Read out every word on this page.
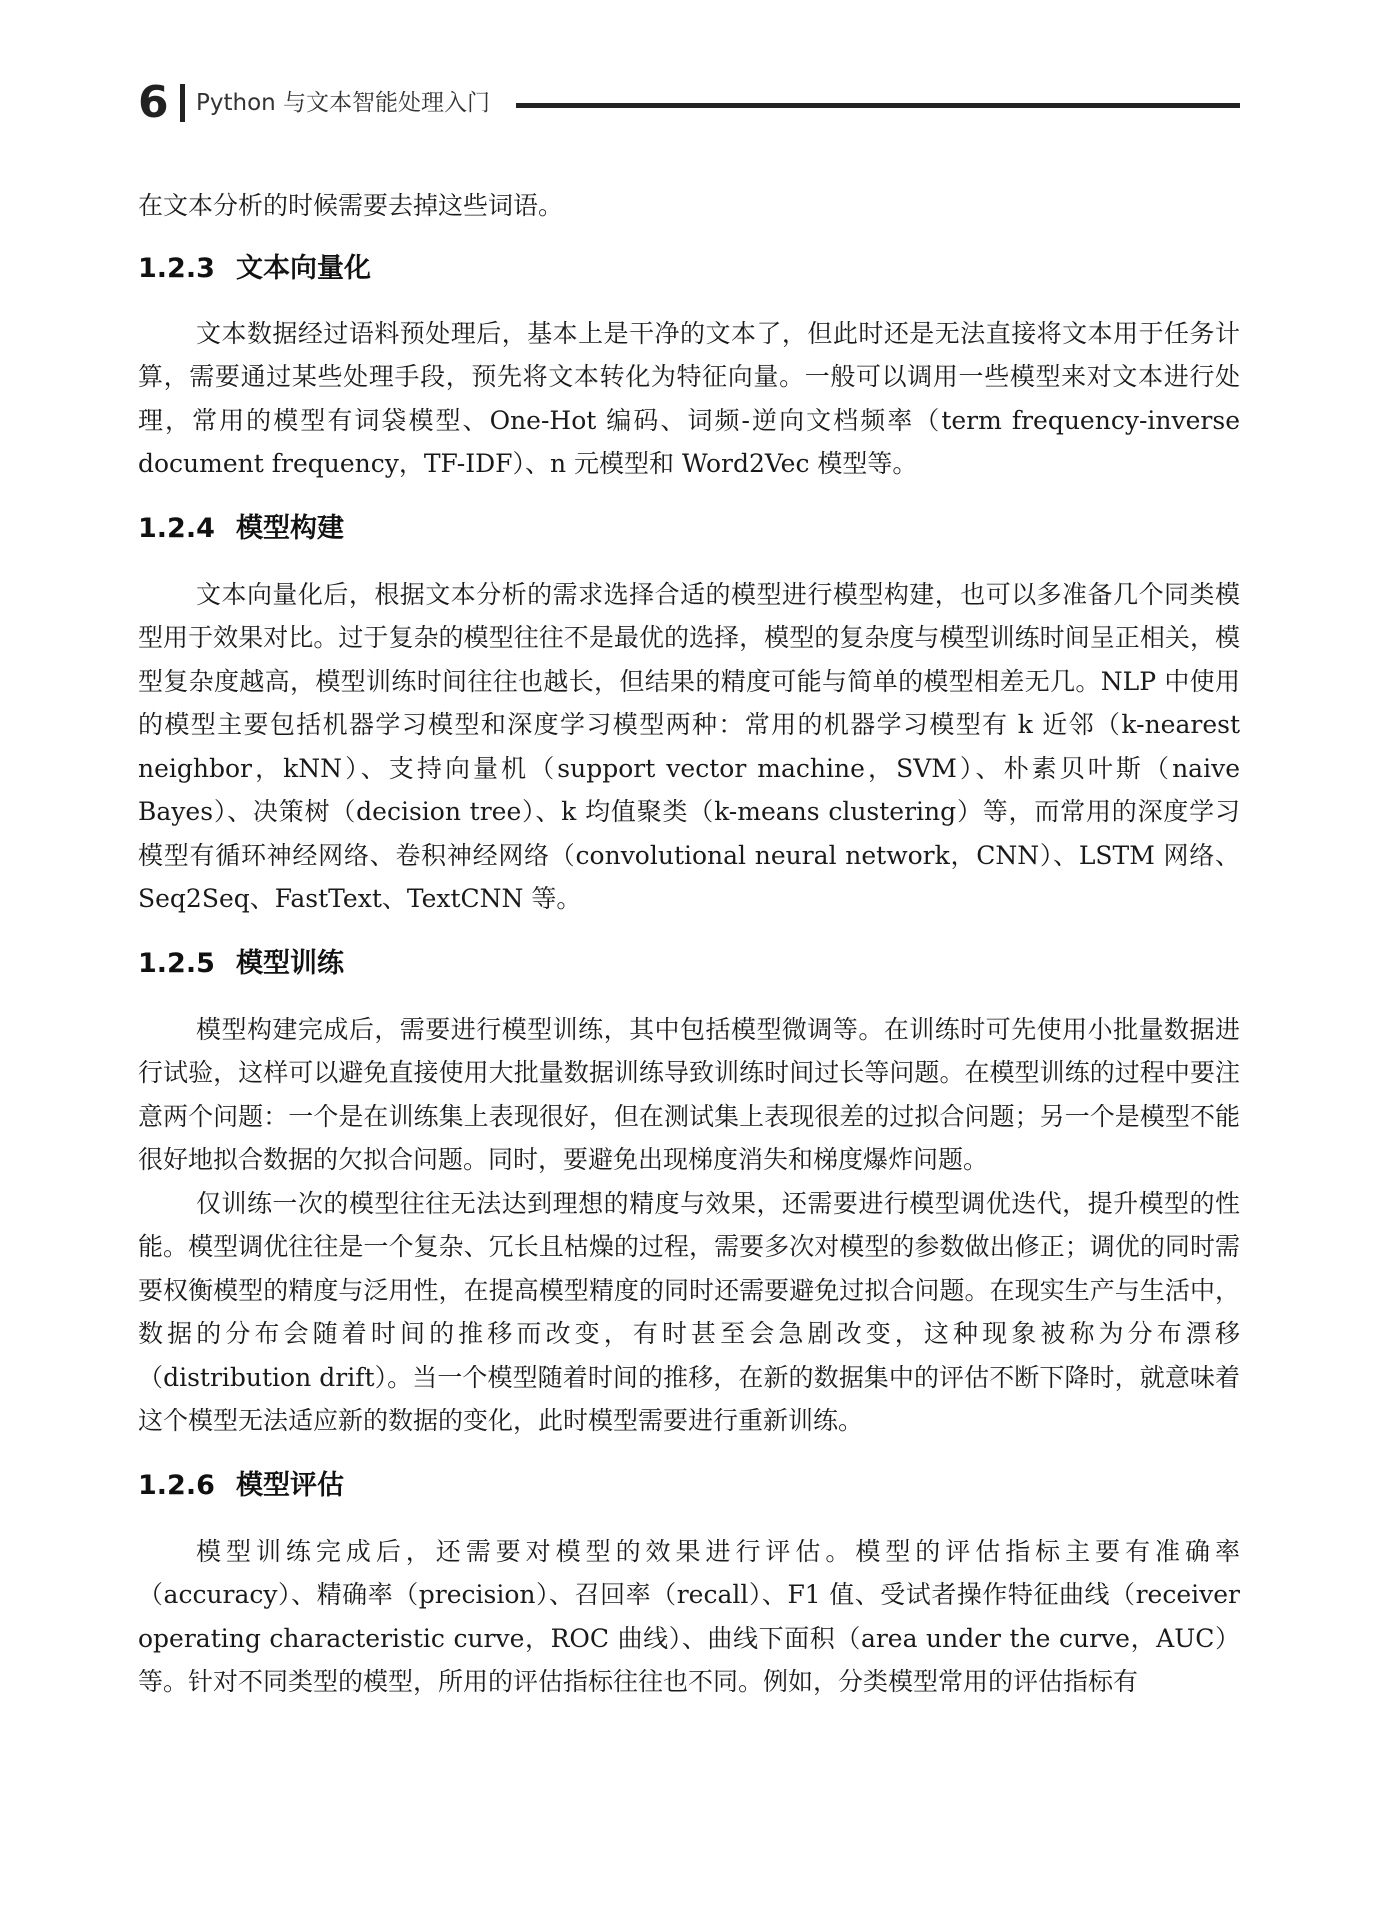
6 Python 与文本智能处理入门

在文本分析的时候需要去掉这些词语。

1.2.3 文本向量化

文本数据经过语料预处理后，基本上是干净的文本了，但此时还是无法直接将文本用于任务计算，需要通过某些处理手段，预先将文本转化为特征向量。一般可以调用一些模型来对文本进行处理，常用的模型有词袋模型、One-Hot 编码、词频-逆向文档频率（term frequency-inverse document frequency，TF-IDF）、n 元模型和 Word2Vec 模型等。

1.2.4 模型构建

文本向量化后，根据文本分析的需求选择合适的模型进行模型构建，也可以多准备几个同类模型用于效果对比。过于复杂的模型往往不是最优的选择，模型的复杂度与模型训练时间呈正相关，模型复杂度越高，模型训练时间往往也越长，但结果的精度可能与简单的模型相差无几。NLP 中使用的模型主要包括机器学习模型和深度学习模型两种：常用的机器学习模型有 k 近邻（k-nearest neighbor，kNN）、支持向量机（support vector machine，SVM）、朴素贝叶斯（naive Bayes）、决策树（decision tree）、k 均值聚类（k-means clustering）等，而常用的深度学习模型有循环神经网络、卷积神经网络（convolutional neural network，CNN）、LSTM 网络、Seq2Seq、FastText、TextCNN 等。

1.2.5 模型训练

模型构建完成后，需要进行模型训练，其中包括模型微调等。在训练时可先使用小批量数据进行试验，这样可以避免直接使用大批量数据训练导致训练时间过长等问题。在模型训练的过程中要注意两个问题：一个是在训练集上表现很好，但在测试集上表现很差的过拟合问题；另一个是模型不能很好地拟合数据的欠拟合问题。同时，要避免出现梯度消失和梯度爆炸问题。

仅训练一次的模型往往无法达到理想的精度与效果，还需要进行模型调优迭代，提升模型的性能。模型调优往往是一个复杂、冗长且枯燥的过程，需要多次对模型的参数做出修正；调优的同时需要权衡模型的精度与泛用性，在提高模型精度的同时还需要避免过拟合问题。在现实生产与生活中，数据的分布会随着时间的推移而改变，有时甚至会急剧改变，这种现象被称为分布漂移（distribution drift）。当一个模型随着时间的推移，在新的数据集中的评估不断下降时，就意味着这个模型无法适应新的数据的变化，此时模型需要进行重新训练。

1.2.6 模型评估

模型训练完成后，还需要对模型的效果进行评估。模型的评估指标主要有准确率（accuracy）、精确率（precision）、召回率（recall）、F1 值、受试者操作特征曲线（receiver operating characteristic curve，ROC 曲线）、曲线下面积（area under the curve，AUC）等。针对不同类型的模型，所用的评估指标往往也不同。例如，分类模型常用的评估指标有
